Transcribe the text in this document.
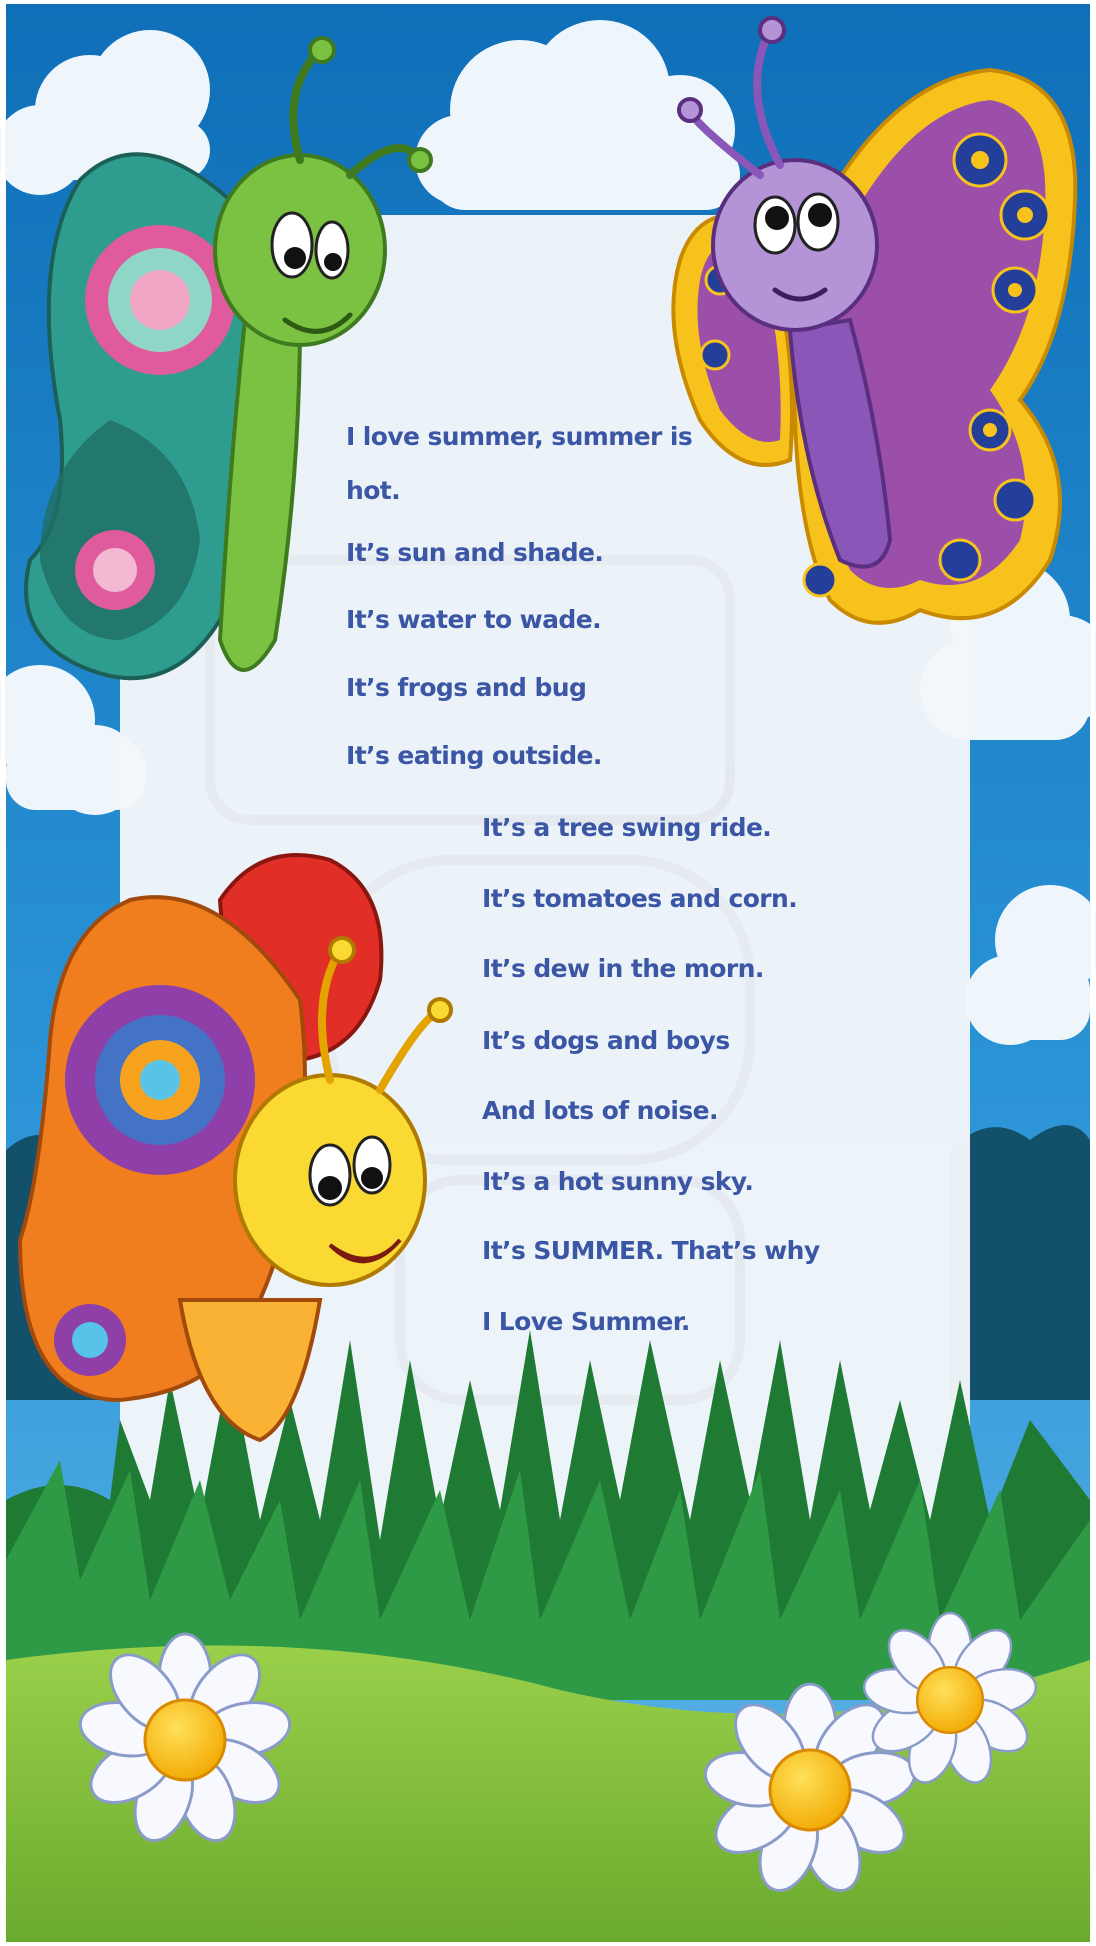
I love summer, summer is

hot.

It’s sun and shade.

It’s water to wade.

It’s frogs and bug

It’s eating outside.

It’s a tree swing ride.

It’s tomatoes and corn.

It’s dew in the morn.

It’s dogs and boys

And lots of noise.

It’s a hot sunny sky.

It’s SUMMER. That’s why

I Love Summer.
